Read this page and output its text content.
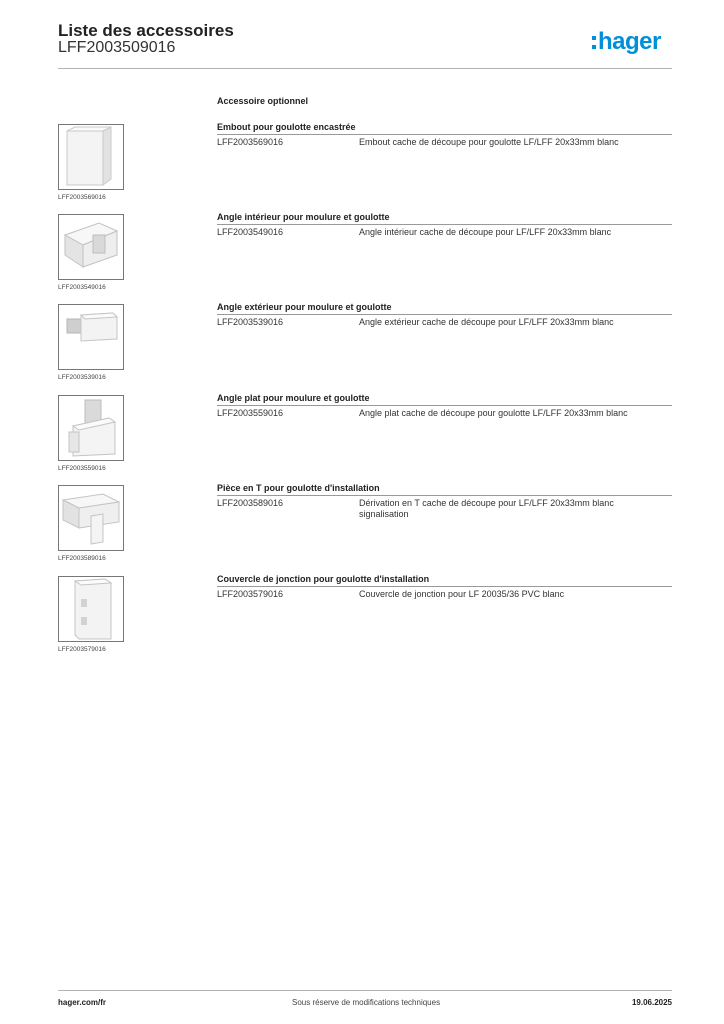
Liste des accessoires
LFF2003509016	hager
Accessoire optionnel
LFF2003569016
Embout pour goulotte encastrée
LFF2003569016	Embout cache de découpe pour goulotte LF/LFF 20x33mm blanc
LFF2003549016
Angle intérieur pour moulure et goulotte
LFF2003549016	Angle intérieur cache de découpe pour LF/LFF 20x33mm blanc
LFF2003539016
Angle extérieur pour moulure et goulotte
LFF2003539016	Angle extérieur cache de découpe pour LF/LFF 20x33mm blanc
LFF2003559016
Angle plat pour moulure et goulotte
LFF2003559016	Angle plat cache de découpe pour goulotte LF/LFF 20x33mm blanc
LFF2003589016
Pièce en T pour goulotte d'installation
LFF2003589016	Dérivation en T cache de découpe pour LF/LFF 20x33mm blanc signalisation
LFF2003579016
Couvercle de jonction pour goulotte d'installation
LFF2003579016	Couvercle de jonction pour LF 20035/36 PVC blanc
hager.com/fr	Sous réserve de modifications techniques	19.06.2025
